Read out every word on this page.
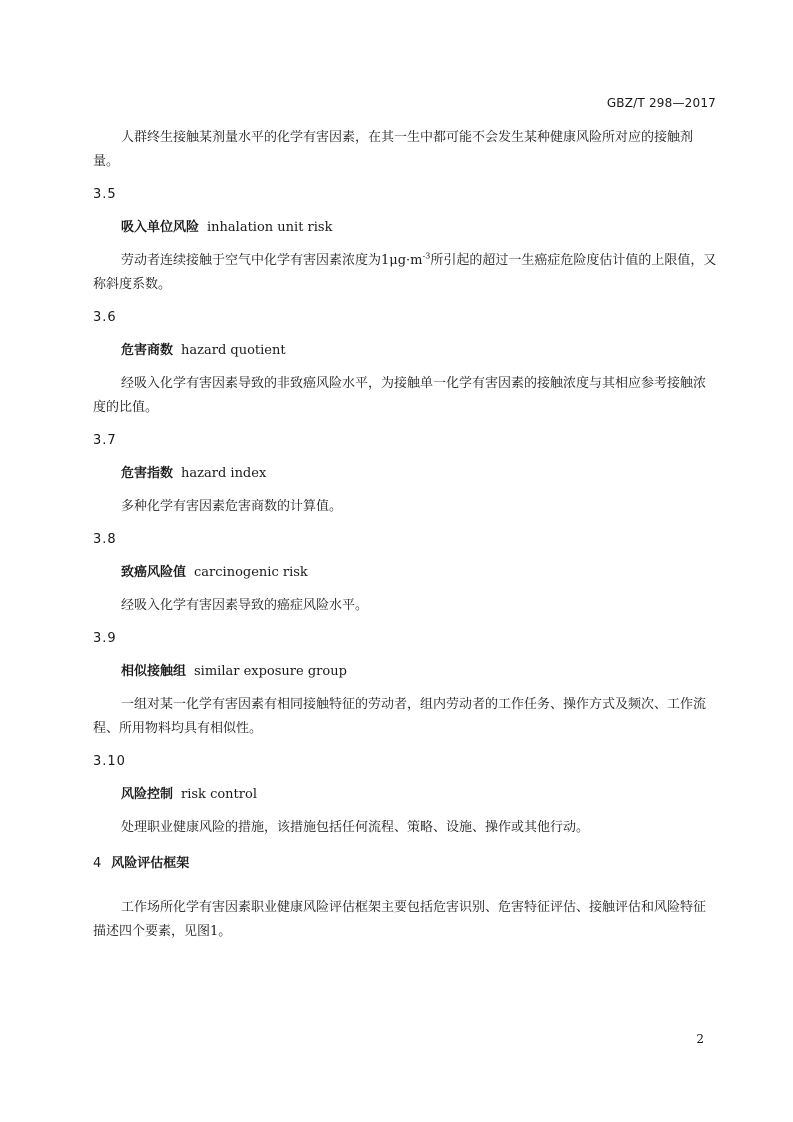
GBZ/T 298—2017

人群终生接触某剂量水平的化学有害因素，在其一生中都可能不会发生某种健康风险所对应的接触剂量。

3.5
吸入单位风险 inhalation unit risk

劳动者连续接触于空气中化学有害因素浓度为$1\mu g\cdot m^{-3}$所引起的超过一生癌症危险度估计值的上限值，又称斜度系数。

3.6
危害商数 hazard quotient

经吸入化学有害因素导致的非致癌风险水平，为接触单一化学有害因素的接触浓度与其相应参考接触浓度的比值。

3.7
危害指数 hazard index

多种化学有害因素危害商数的计算值。

3.8
致癌风险值 carcinogenic risk

经吸入化学有害因素导致的癌症风险水平。

3.9
相似接触组 similar exposure group

一组对某一化学有害因素有相同接触特征的劳动者，组内劳动者的工作任务、操作方式及频次、工作流程、所用物料均具有相似性。

3.10
风险控制 risk control

处理职业健康风险的措施，该措施包括任何流程、策略、设施、操作或其他行动。

4 风险评估框架

工作场所化学有害因素职业健康风险评估框架主要包括危害识别、危害特征评估、接触评估和风险特征描述四个要素，见图1。

2
